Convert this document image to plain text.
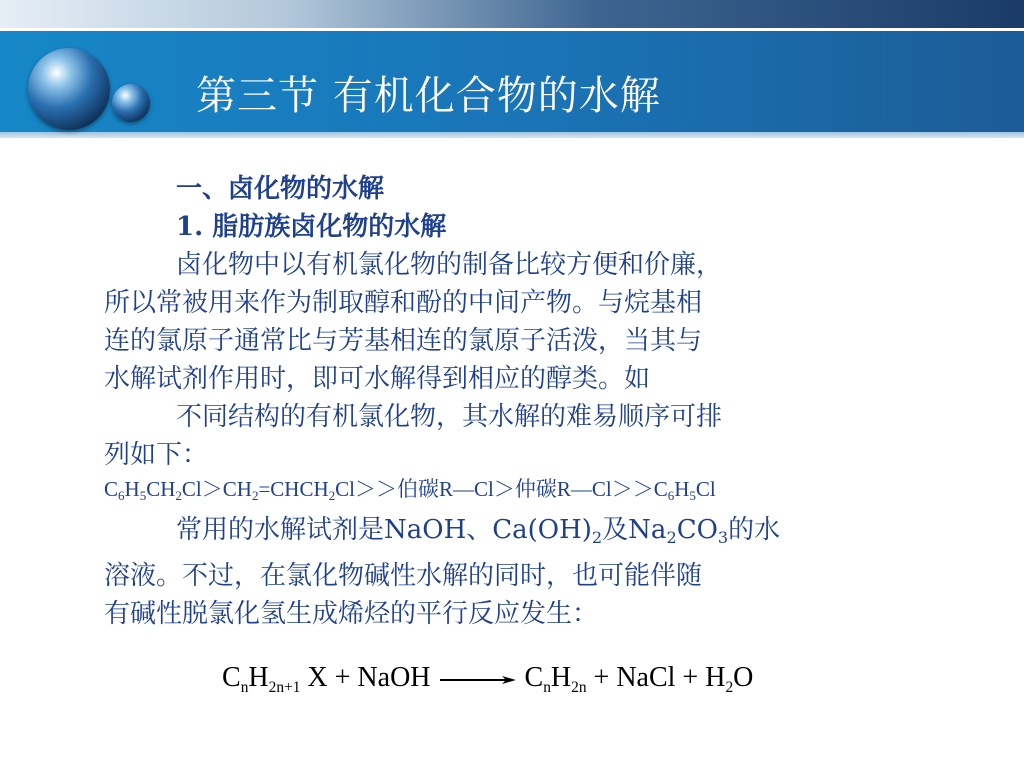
第三节 有机化合物的水解
一、卤化物的水解
1. 脂肪族卤化物的水解
卤化物中以有机氯化物的制备比较方便和价廉，
所以常被用来作为制取醇和酚的中间产物。与烷基相
连的氯原子通常比与芳基相连的氯原子活泼，当其与
水解试剂作用时，即可水解得到相应的醇类。如
不同结构的有机氯化物，其水解的难易顺序可排
列如下：
$C_6H_5CH_2Cl>CH_2=CHCH_2Cl>>$伯碳R—Cl＞仲碳$R—Cl>>C_6H_5Cl$
常用的水解试剂是NaOH、$Ca(OH)_2$及$Na_2CO_3$的水
溶液。不过，在氯化物碱性水解的同时，也可能伴随
有碱性脱氯化氢生成烯烃的平行反应发生：
$C_nH_{2n+1}$ X + NaOH → $C_nH_{2n}$ + NaCl + $H_2O$
